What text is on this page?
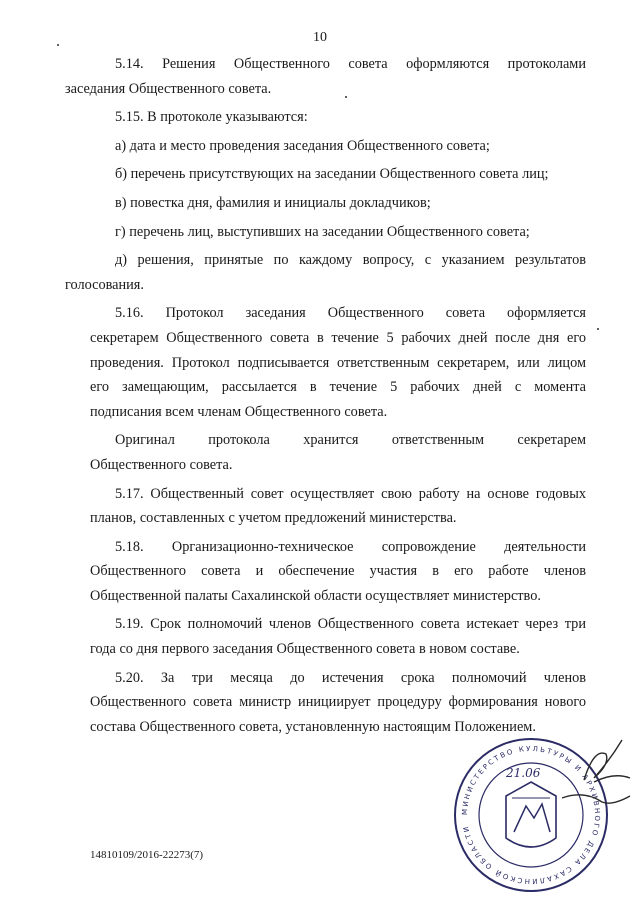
10
5.14. Решения Общественного совета оформляются протоколами
заседания Общественного совета.
5.15. В протоколе указываются:
а) дата и место проведения заседания Общественного совета;
б) перечень присутствующих на заседании Общественного совета лиц;
в) повестка дня, фамилия и инициалы докладчиков;
г) перечень лиц, выступивших на заседании Общественного совета;
д) решения, принятые по каждому вопросу, с указанием результатов
голосования.
5.16. Протокол заседания Общественного совета оформляется
секретарем Общественного совета в течение 5 рабочих дней после дня его
проведения. Протокол подписывается ответственным секретарем, или лицом
его замещающим, рассылается в течение 5 рабочих дней с момента
подписания всем членам Общественного совета.
Оригинал протокола хранится ответственным секретарем
Общественного совета.
5.17. Общественный совет осуществляет свою работу на основе годовых
планов, составленных с учетом предложений министерства.
5.18. Организационно-техническое сопровождение деятельности
Общественного совета и обеспечение участия в его работе членов
Общественной палаты Сахалинской области осуществляет министерство.
5.19. Срок полномочий членов Общественного совета истекает через три
года со дня первого заседания Общественного совета в новом составе.
5.20. За три месяца до истечения срока полномочий членов
Общественного совета министр инициирует процедуру формирования нового
состава Общественного совета, установленную настоящим Положением.
МИНИСТЕРСТВО КУЛЬТУРЫ И АРХИВНОГО ДЕЛА САХАЛИНСКОЙ ОБЛАСТИ
21.06
14810109/2016-22273(7)
